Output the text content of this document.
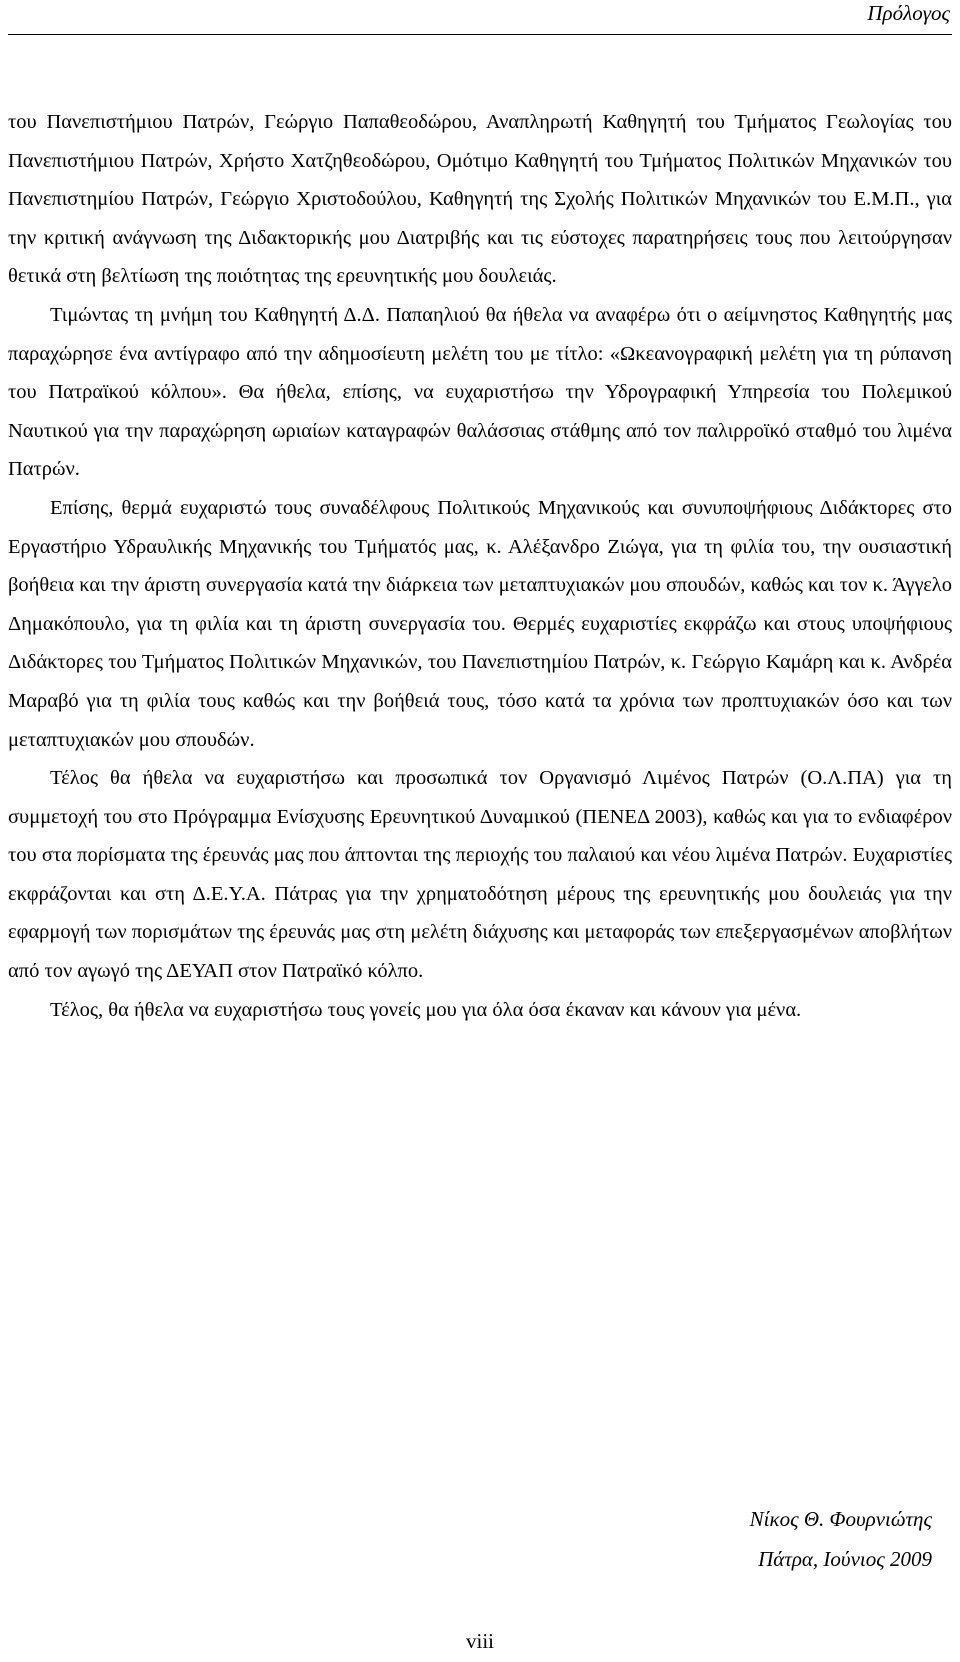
Πρόλογος

του Πανεπιστήμιου Πατρών, Γεώργιο Παπαθεοδώρου, Αναπληρωτή Καθηγητή του Τμήματος Γεωλογίας του Πανεπιστήμιου Πατρών, Χρήστο Χατζηθεοδώρου, Ομότιμο Καθηγητή του Τμήματος Πολιτικών Μηχανικών του Πανεπιστημίου Πατρών, Γεώργιο Χριστοδούλου, Καθηγητή της Σχολής Πολιτικών Μηχανικών του Ε.Μ.Π., για την κριτική ανάγνωση της Διδακτορικής μου Διατριβής και τις εύστοχες παρατηρήσεις τους που λειτούργησαν θετικά στη βελτίωση της ποιότητας της ερευνητικής μου δουλειάς.

Τιμώντας τη μνήμη του Καθηγητή Δ.Δ. Παπαηλιού θα ήθελα να αναφέρω ότι ο αείμνηστος Καθηγητής μας παραχώρησε ένα αντίγραφο από την αδημοσίευτη μελέτη του με τίτλο: «Ωκεανογραφική μελέτη για τη ρύπανση του Πατραϊκού κόλπου». Θα ήθελα, επίσης, να ευχαριστήσω την Υδρογραφική Υπηρεσία του Πολεμικού Ναυτικού για την παραχώρηση ωριαίων καταγραφών θαλάσσιας στάθμης από τον παλιρροϊκό σταθμό του λιμένα Πατρών.

Επίσης, θερμά ευχαριστώ τους συναδέλφους Πολιτικούς Μηχανικούς και συνυποψήφιους Διδάκτορες στο Εργαστήριο Υδραυλικής Μηχανικής του Τμήματός μας, κ. Αλέξανδρο Ζιώγα, για τη φιλία του, την ουσιαστική βοήθεια και την άριστη συνεργασία κατά την διάρκεια των μεταπτυχιακών μου σπουδών, καθώς και τον κ. Άγγελο Δημακόπουλο, για τη φιλία και τη άριστη συνεργασία του. Θερμές ευχαριστίες εκφράζω και στους υποψήφιους Διδάκτορες του Τμήματος Πολιτικών Μηχανικών, του Πανεπιστημίου Πατρών, κ. Γεώργιο Καμάρη και κ. Ανδρέα Μαραβό για τη φιλία τους καθώς και την βοήθειά τους, τόσο κατά τα χρόνια των προπτυχιακών όσο και των μεταπτυχιακών μου σπουδών.

Τέλος θα ήθελα να ευχαριστήσω και προσωπικά τον Οργανισμό Λιμένος Πατρών (Ο.Λ.ΠΑ) για τη συμμετοχή του στο Πρόγραμμα Ενίσχυσης Ερευνητικού Δυναμικού (ΠΕΝΕΔ 2003), καθώς και για το ενδιαφέρον του στα πορίσματα της έρευνάς μας που άπτονται της περιοχής του παλαιού και νέου λιμένα Πατρών. Ευχαριστίες εκφράζονται και στη Δ.Ε.Υ.Α. Πάτρας για την χρηματοδότηση μέρους της ερευνητικής μου δουλειάς για την εφαρμογή των πορισμάτων της έρευνάς μας στη μελέτη διάχυσης και μεταφοράς των επεξεργασμένων αποβλήτων από τον αγωγό της ΔΕΥΑΠ στον Πατραϊκό κόλπο.

Τέλος, θα ήθελα να ευχαριστήσω τους γονείς μου για όλα όσα έκαναν και κάνουν για μένα.

Νίκος Θ. Φουρνιώτης
Πάτρα, Ιούνιος 2009
viii
